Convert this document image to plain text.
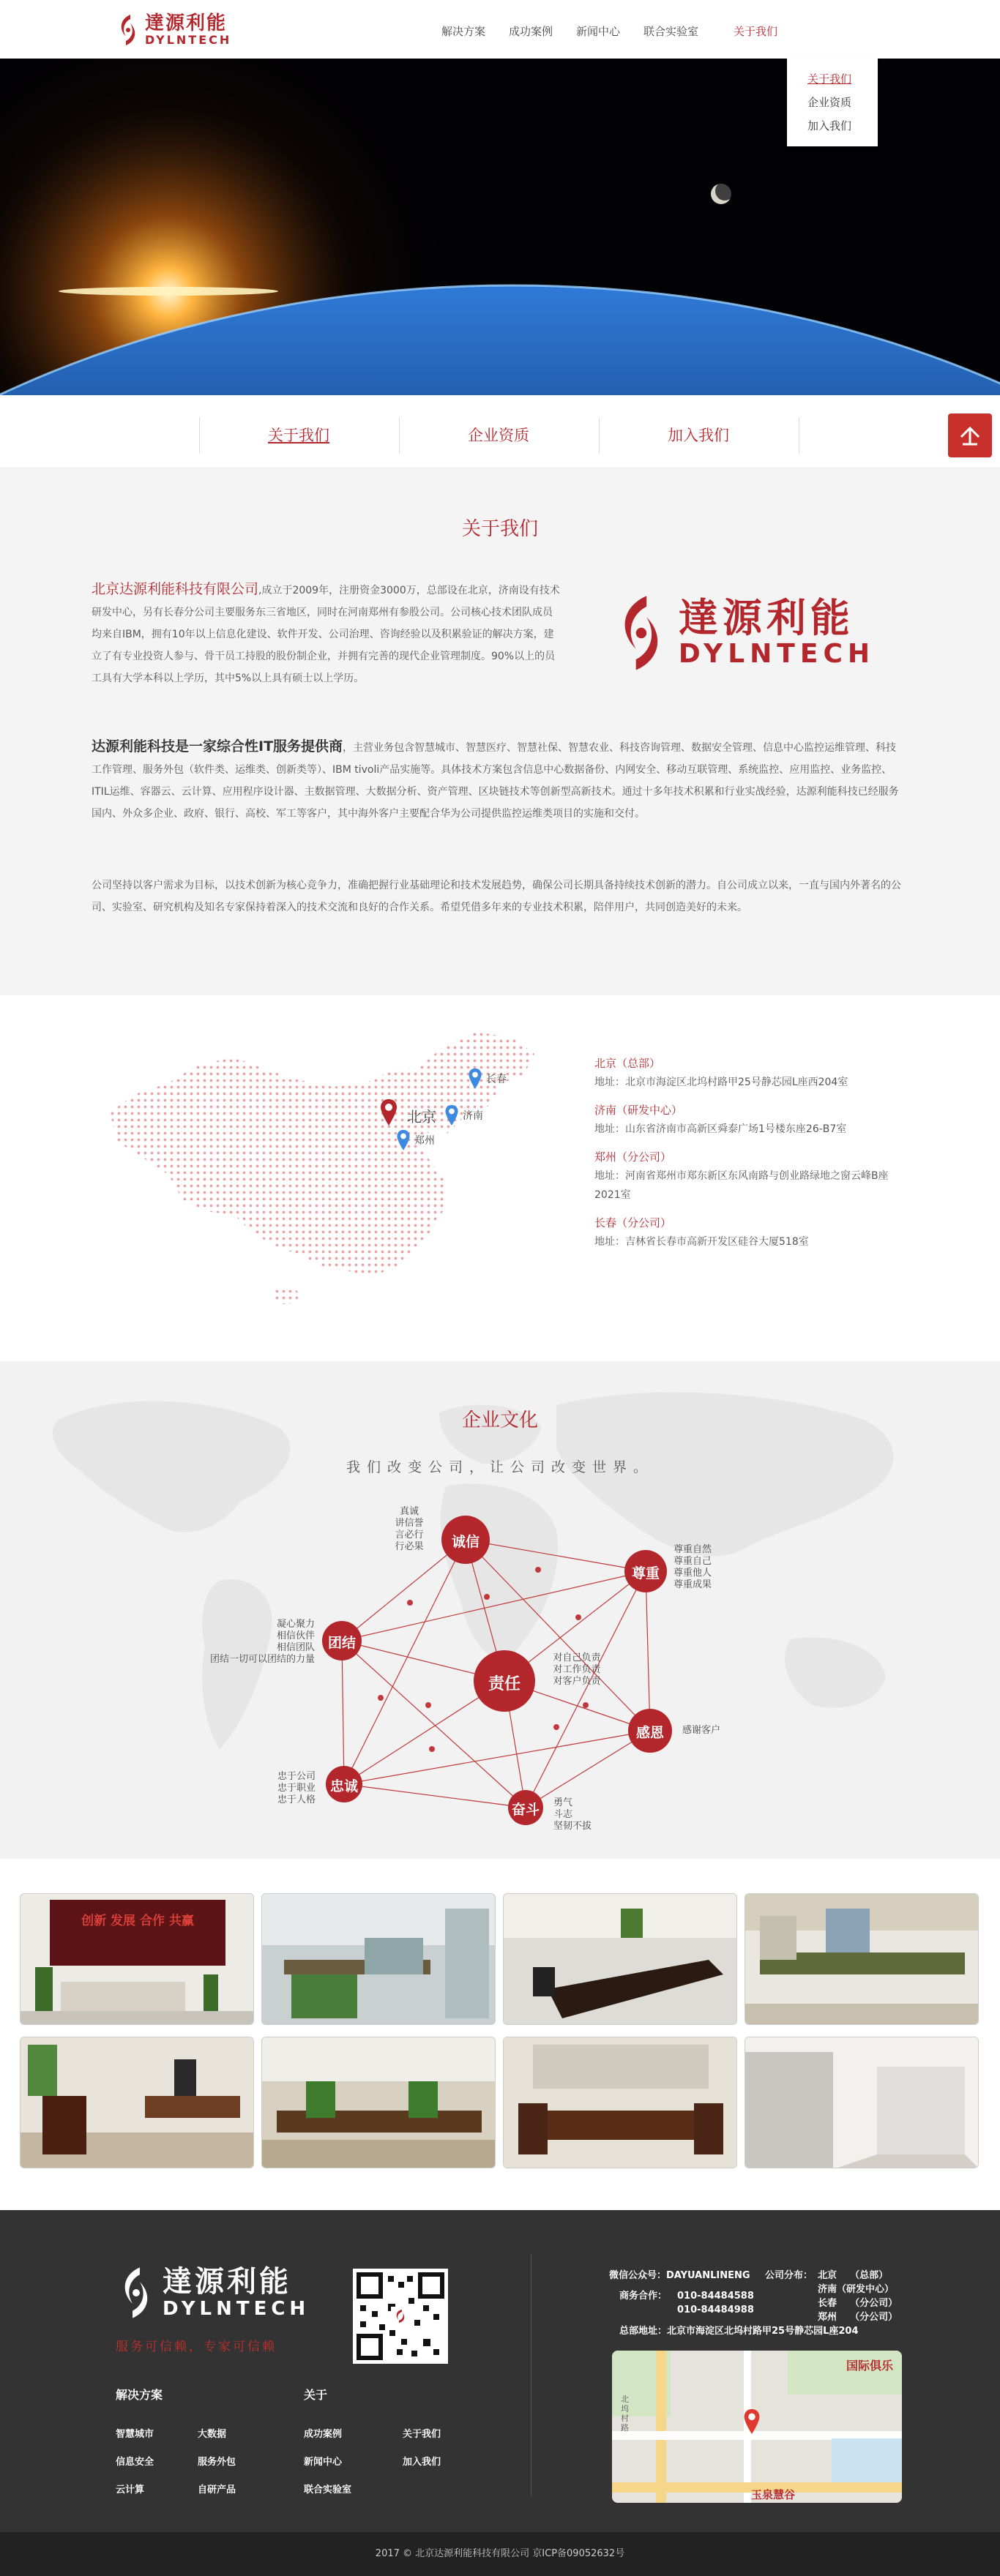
達源利能
DYLNTECH
解决方案	成功案例	新闻中心	联合实验室	关于我们
关于我们
企业资质
加入我们
关于我们	企业资质	加入我们
关于我们
北京达源利能科技有限公司,成立于2009年，注册资金3000万，总部设在北京，济南设有技术研发中心，另有长春分公司主要服务东三省地区，同时在河南郑州有参股公司。公司核心技术团队成员均来自IBM，拥有10年以上信息化建设、软件开发、公司治理、咨询经验以及积累验证的解决方案，建立了有专业投资人参与、骨干员工持股的股份制企业，并拥有完善的现代企业管理制度。90%以上的员工具有大学本科以上学历，其中5%以上具有硕士以上学历。
達源利能
DYLNTECH
达源利能科技是一家综合性IT服务提供商，主营业务包含智慧城市、智慧医疗、智慧社保、智慧农业、科技咨询管理、数据安全管理、信息中心监控运维管理、科技工作管理、服务外包（软件类、运维类、创新类等）、IBM tivoli产品实施等。具体技术方案包含信息中心数据备份、内网安全、移动互联管理、系统监控、应用监控、业务监控、ITIL运维、容器云、云计算、应用程序设计器、主数据管理、大数据分析、资产管理、区块链技术等创新型高新技术。通过十多年技术积累和行业实战经验，达源利能科技已经服务国内、外众多企业、政府、银行、高校、军工等客户，其中海外客户主要配合华为公司提供监控运维类项目的实施和交付。
公司坚持以客户需求为目标，以技术创新为核心竞争力，准确把握行业基础理论和技术发展趋势，确保公司长期具备持续技术创新的潜力。自公司成立以来，一直与国内外著名的公司、实验室、研究机构及知名专家保持着深入的技术交流和良好的合作关系。希望凭借多年来的专业技术积累，陪伴用户，共同创造美好的未来。
北京
长春
济南
郑州
北京（总部）
地址：北京市海淀区北坞村路甲25号静芯园L座西204室
济南（研发中心）
地址：山东省济南市高新区舜泰广场1号楼东座26-B7室
郑州（分公司）
地址：河南省郑州市郑东新区东风南路与创业路绿地之窗云峰B座2021室
长春（分公司）
地址：吉林省长春市高新开发区硅谷大厦518室
企业文化
我们改变公司，让公司改变世界。
诚信
尊重
团结
责任
感恩
忠诚
奋斗
真诚
讲信誉
言必行
行必果	尊重自然
尊重自己
尊重他人
尊重成果
凝心聚力
相信伙伴
相信团队
团结一切可以团结的力量	对自己负责
对工作负责
对客户负责
感谢客户
忠于公司
忠于职业
忠于人格	勇气
斗志
坚韧不拔
创新 发展 合作 共赢
達源利能
DYLNTECH
服务可信赖，专家可信赖
解决方案
智慧城市	大数据
信息安全	服务外包
云计算	自研产品
关于
成功案例	关于我们
新闻中心	加入我们
联合实验室
微信公众号：DAYUANLINENG 公司分布： 北京    （总部）
济南（研发中心）
长春    （分公司）
郑州    （分公司）
商务合作： 010-84484588
010-84484988
总部地址：北京市海淀区北坞村路甲25号静芯园L座204
国际俱乐
玉泉慧谷
北坞村路
2017 © 北京达源利能科技有限公司 京ICP备09052632号
